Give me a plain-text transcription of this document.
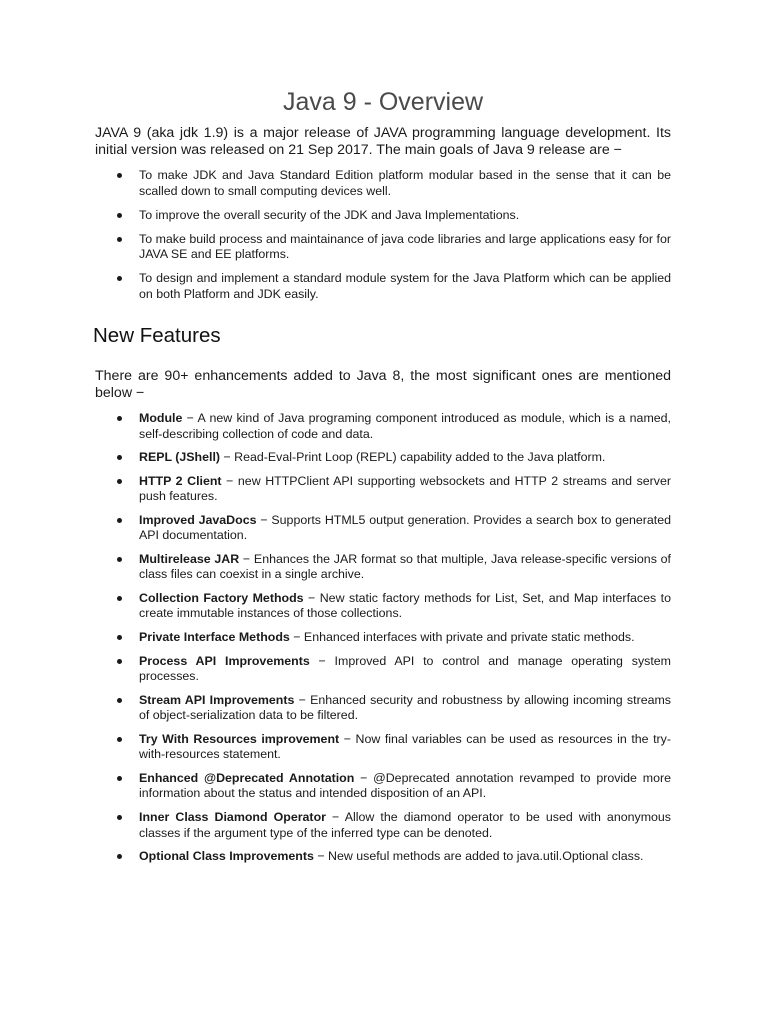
Java 9 - Overview

JAVA 9 (aka jdk 1.9) is a major release of JAVA programming language development. Its initial version was released on 21 Sep 2017. The main goals of Java 9 release are −

To make JDK and Java Standard Edition platform modular based in the sense that it can be scalled down to small computing devices well.
To improve the overall security of the JDK and Java Implementations.
To make build process and maintainance of java code libraries and large applications easy for for JAVA SE and EE platforms.
To design and implement a standard module system for the Java Platform which can be applied on both Platform and JDK easily.
New Features

There are 90+ enhancements added to Java 8, the most significant ones are mentioned below −

Module − A new kind of Java programing component introduced as module, which is a named, self-describing collection of code and data.
REPL (JShell) − Read-Eval-Print Loop (REPL) capability added to the Java platform.
HTTP 2 Client − new HTTPClient API supporting websockets and HTTP 2 streams and server push features.
Improved JavaDocs − Supports HTML5 output generation. Provides a search box to generated API documentation.
Multirelease JAR − Enhances the JAR format so that multiple, Java release-specific versions of class files can coexist in a single archive.
Collection Factory Methods − New static factory methods for List, Set, and Map interfaces to create immutable instances of those collections.
Private Interface Methods − Enhanced interfaces with private and private static methods.
Process API Improvements − Improved API to control and manage operating system processes.
Stream API Improvements − Enhanced security and robustness by allowing incoming streams of object-serialization data to be filtered.
Try With Resources improvement − Now final variables can be used as resources in the try-with-resources statement.
Enhanced @Deprecated Annotation − @Deprecated annotation revamped to provide more information about the status and intended disposition of an API.
Inner Class Diamond Operator − Allow the diamond operator to be used with anonymous classes if the argument type of the inferred type can be denoted.
Optional Class Improvements − New useful methods are added to java.util.Optional class.
